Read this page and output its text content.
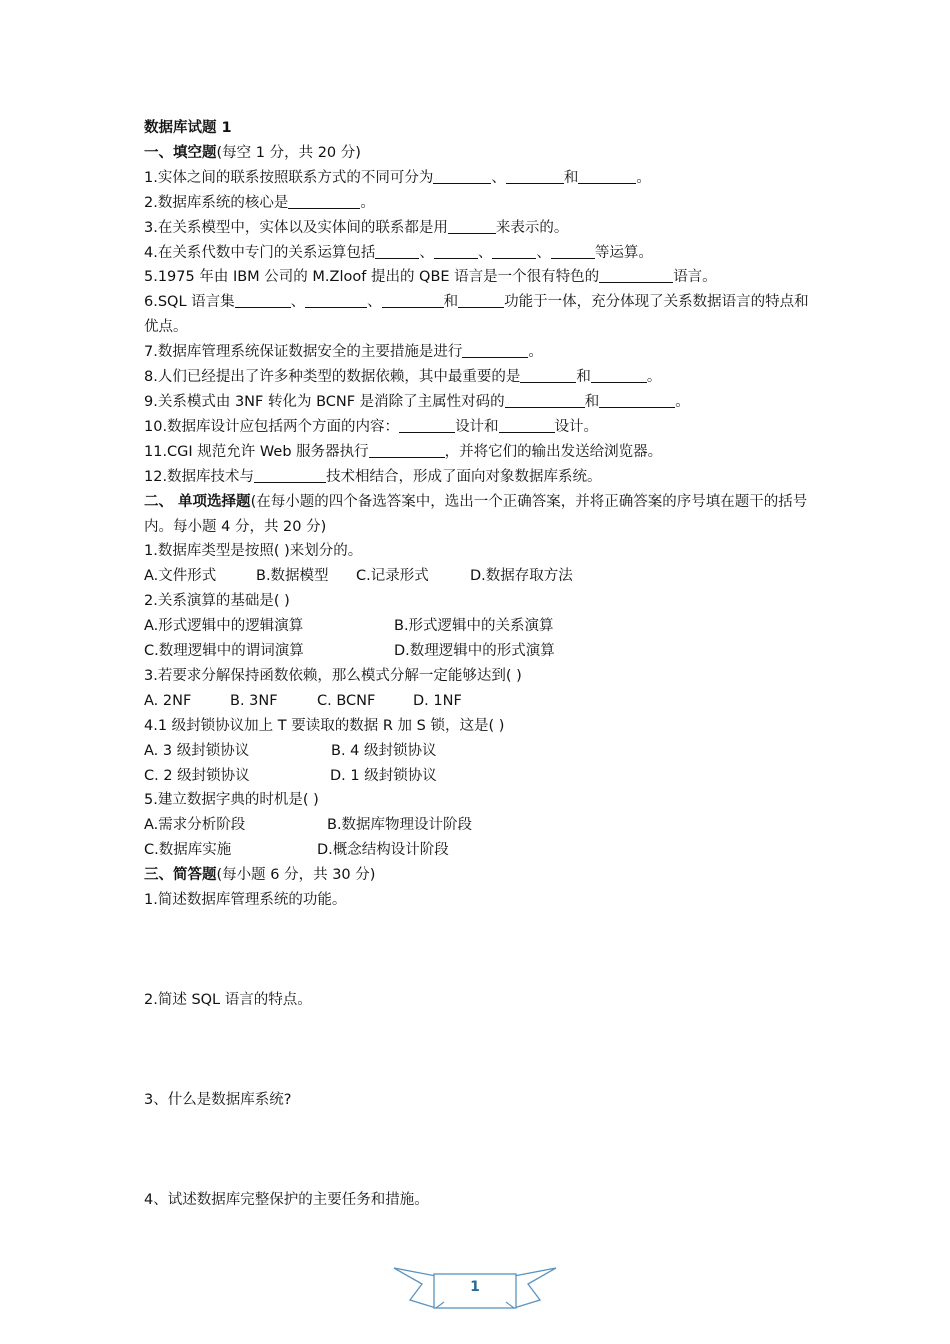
数据库试题 1
一、填空题(每空 1 分，共 20 分)
1.实体之间的联系按照联系方式的不同可分为	、	和	。
2.数据库系统的核心是	。
3.在关系模型中，实体以及实体间的联系都是用	来表示的。
4.在关系代数中专门的关系运算包括	、	、	、	等运算。
5.1975 年由 IBM 公司的 M.Zloof 提出的 QBE 语言是一个很有特色的	语言。
6.SQL 语言集	、	、	和	功能于一体，充分体现了关系数据语言的特点和优点。
7.数据库管理系统保证数据安全的主要措施是进行	。
8.人们已经提出了许多种类型的数据依赖，其中最重要的是	和	。
9.关系模式由 3NF 转化为 BCNF 是消除了主属性对码的	和	。
10.数据库设计应包括两个方面的内容：	设计和	设计。
11.CGI 规范允许 Web 服务器执行	，并将它们的输出发送给浏览器。
12.数据库技术与	技术相结合，形成了面向对象数据库系统。
二、 单项选择题(在每小题的四个备选答案中，选出一个正确答案，并将正确答案的序号填在题干的括号内。每小题 4 分，共 20 分)
1.数据库类型是按照( )来划分的。
A.文件形式	B.数据模型	C.记录形式	D.数据存取方法
2.关系演算的基础是( )
A.形式逻辑中的逻辑演算	B.形式逻辑中的关系演算
C.数理逻辑中的谓词演算	D.数理逻辑中的形式演算
3.若要求分解保持函数依赖，那么模式分解一定能够达到( )
A. 2NF	B. 3NF	C. BCNF	D. 1NF
4.1 级封锁协议加上 T 要读取的数据 R 加 S 锁，这是( )
A. 3 级封锁协议	B. 4 级封锁协议
C. 2 级封锁协议	D. 1 级封锁协议
5.建立数据字典的时机是( )
A.需求分析阶段	B.数据库物理设计阶段
C.数据库实施	D.概念结构设计阶段
三、简答题(每小题 6 分，共 30 分)
1.简述数据库管理系统的功能。
2.简述 SQL 语言的特点。
3、什么是数据库系统?
4、试述数据库完整保护的主要任务和措施。
1
